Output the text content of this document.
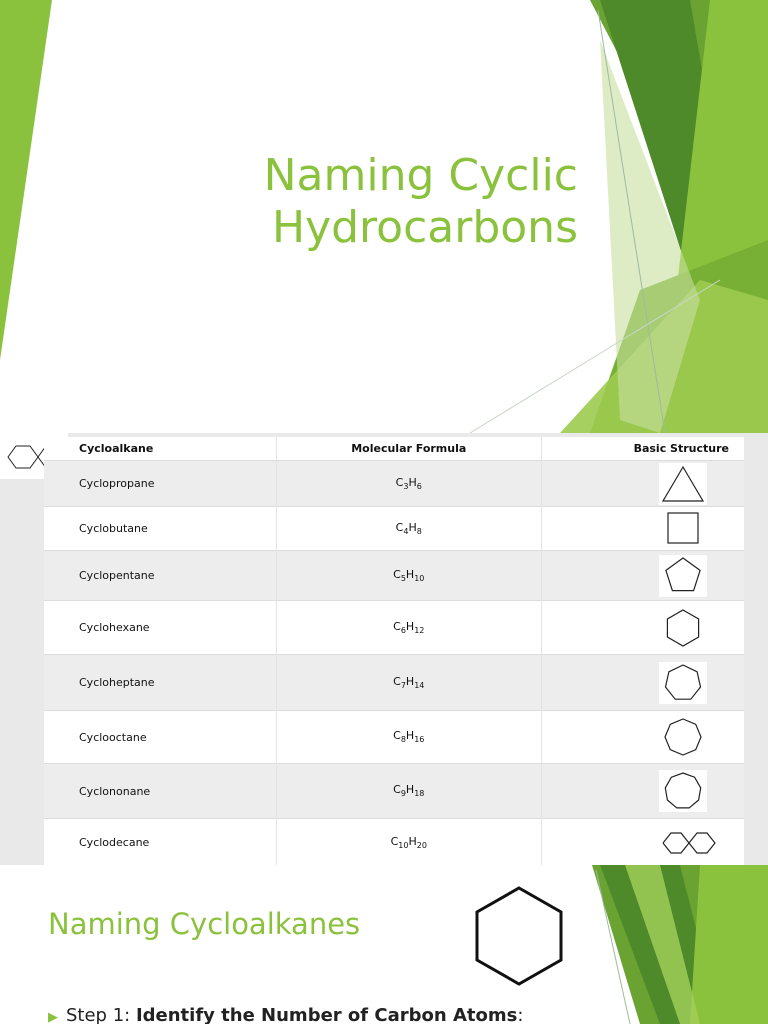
Naming Cyclic
Hydrocarbons
Cycloalkane	Molecular Formula	Basic Structure
Cyclopropane	$C_3H_6$	

Cyclobutane	$C_4H_8$	

Cyclopentane	$C_5H_{10}$	

Cyclohexane	$C_6H_{12}$	

Cycloheptane	$C_7H_{14}$	

Cyclooctane	$C_8H_{16}$	

Cyclononane	$C_9H_{18}$	

Cyclodecane	$C_{10}H_{20}$	
Naming Cycloalkanes
▶ Step 1: Identify the Number of Carbon Atoms:
